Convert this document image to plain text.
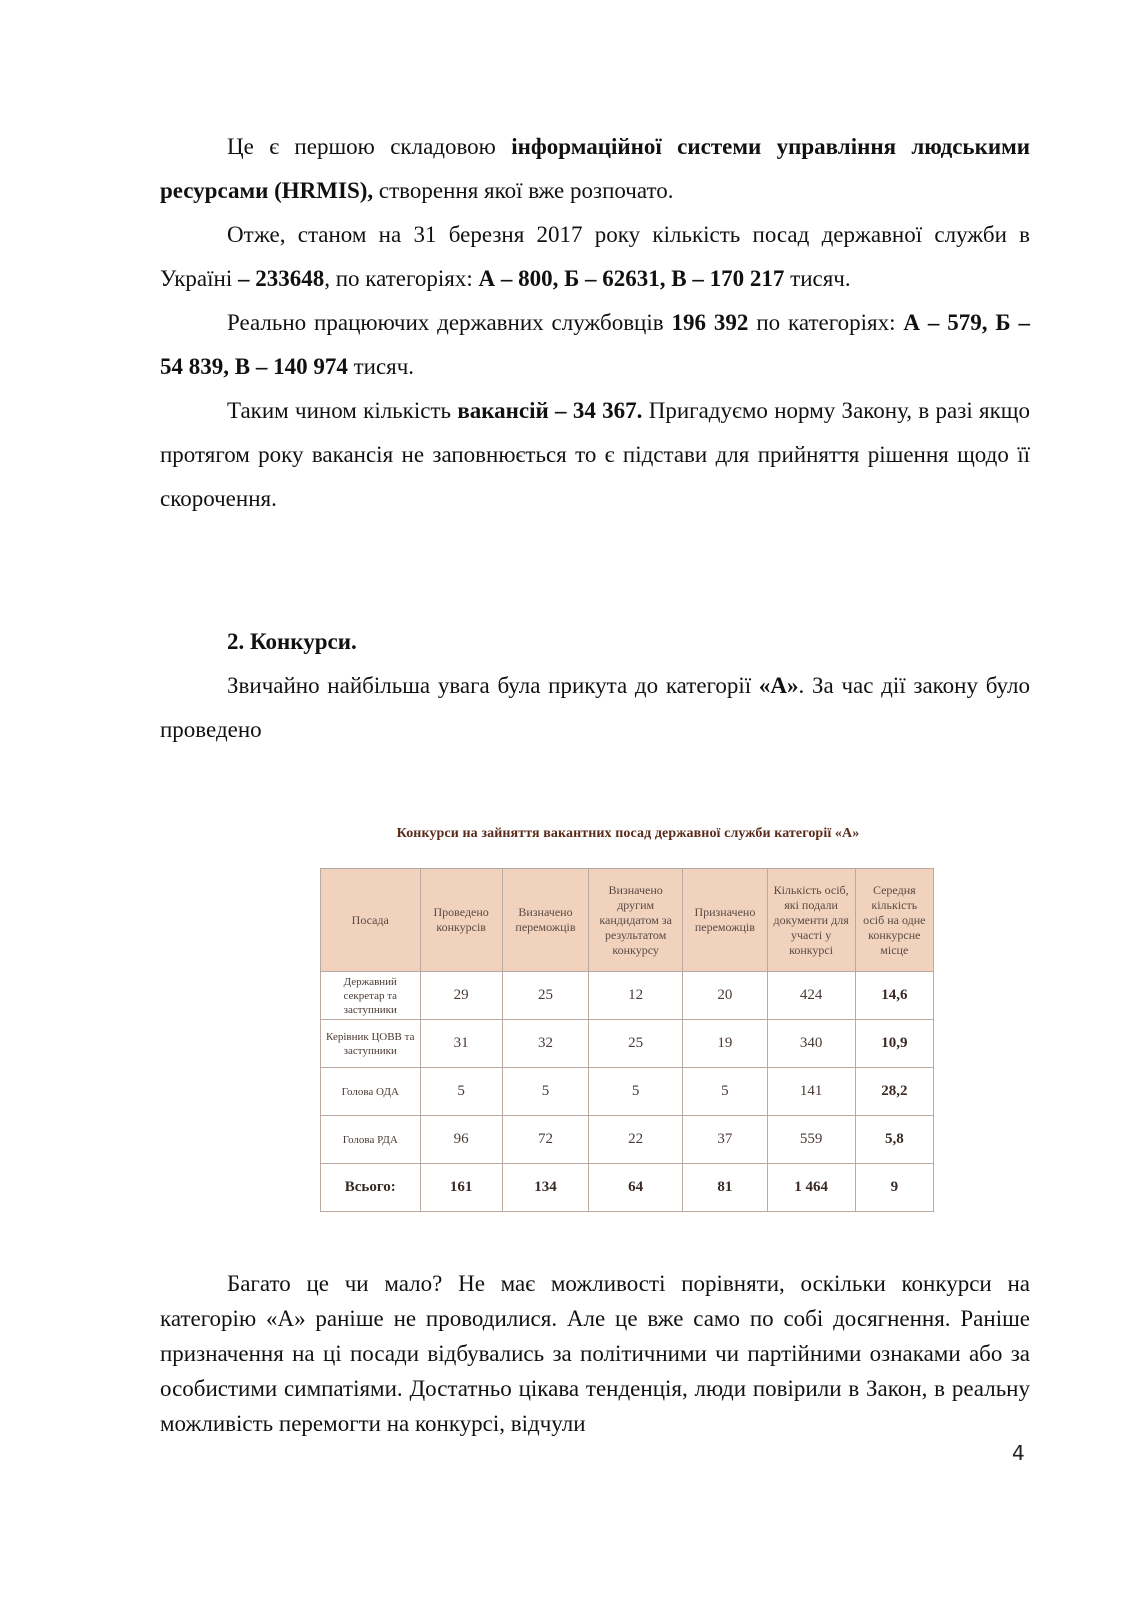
Це є першою складовою інформаційної системи управління людськими ресурсами (HRMIS), створення якої вже розпочато.

Отже, станом на 31 березня 2017 року кількість посад державної служби в Україні – 233648, по категоріях: А – 800, Б – 62631, В – 170 217 тисяч.

Реально працюючих державних службовців 196 392 по категоріях: А – 579, Б – 54 839, В – 140 974 тисяч.

Таким чином кількість вакансій – 34 367. Пригадуємо норму Закону, в разі якщо протягом року вакансія не заповнюється то є підстави для прийняття рішення щодо її скорочення.

2. Конкурси.

Звичайно найбільша увага була прикута до категорії «А». За час дії закону було проведено

Конкурси на зайняття вакантних посад державної служби категорії «А»

Посада	Проведено конкурсів	Визначено переможців	Визначено другим кандидатом за результатом конкурсу	Призначено переможців	Кількість осіб, які подали документи для участі у конкурсі	Середня кількість осіб на одне конкурсне місце
Державний секретар та заступники	29	25	12	20	424	14,6
Керівник ЦОВВ та заступники	31	32	25	19	340	10,9
Голова ОДА	5	5	5	5	141	28,2
Голова РДА	96	72	22	37	559	5,8
Всього:	161	134	64	81	1 464	9

Багато це чи мало? Не має можливості порівняти, оскільки конкурси на категорію «А» раніше не проводилися. Але це вже само по собі досягнення. Раніше призначення на ці посади відбувались за політичними чи партійними ознаками або за особистими симпатіями. Достатньо цікава тенденція, люди повірили в Закон, в реальну можливість перемогти на конкурсі, відчули

4
